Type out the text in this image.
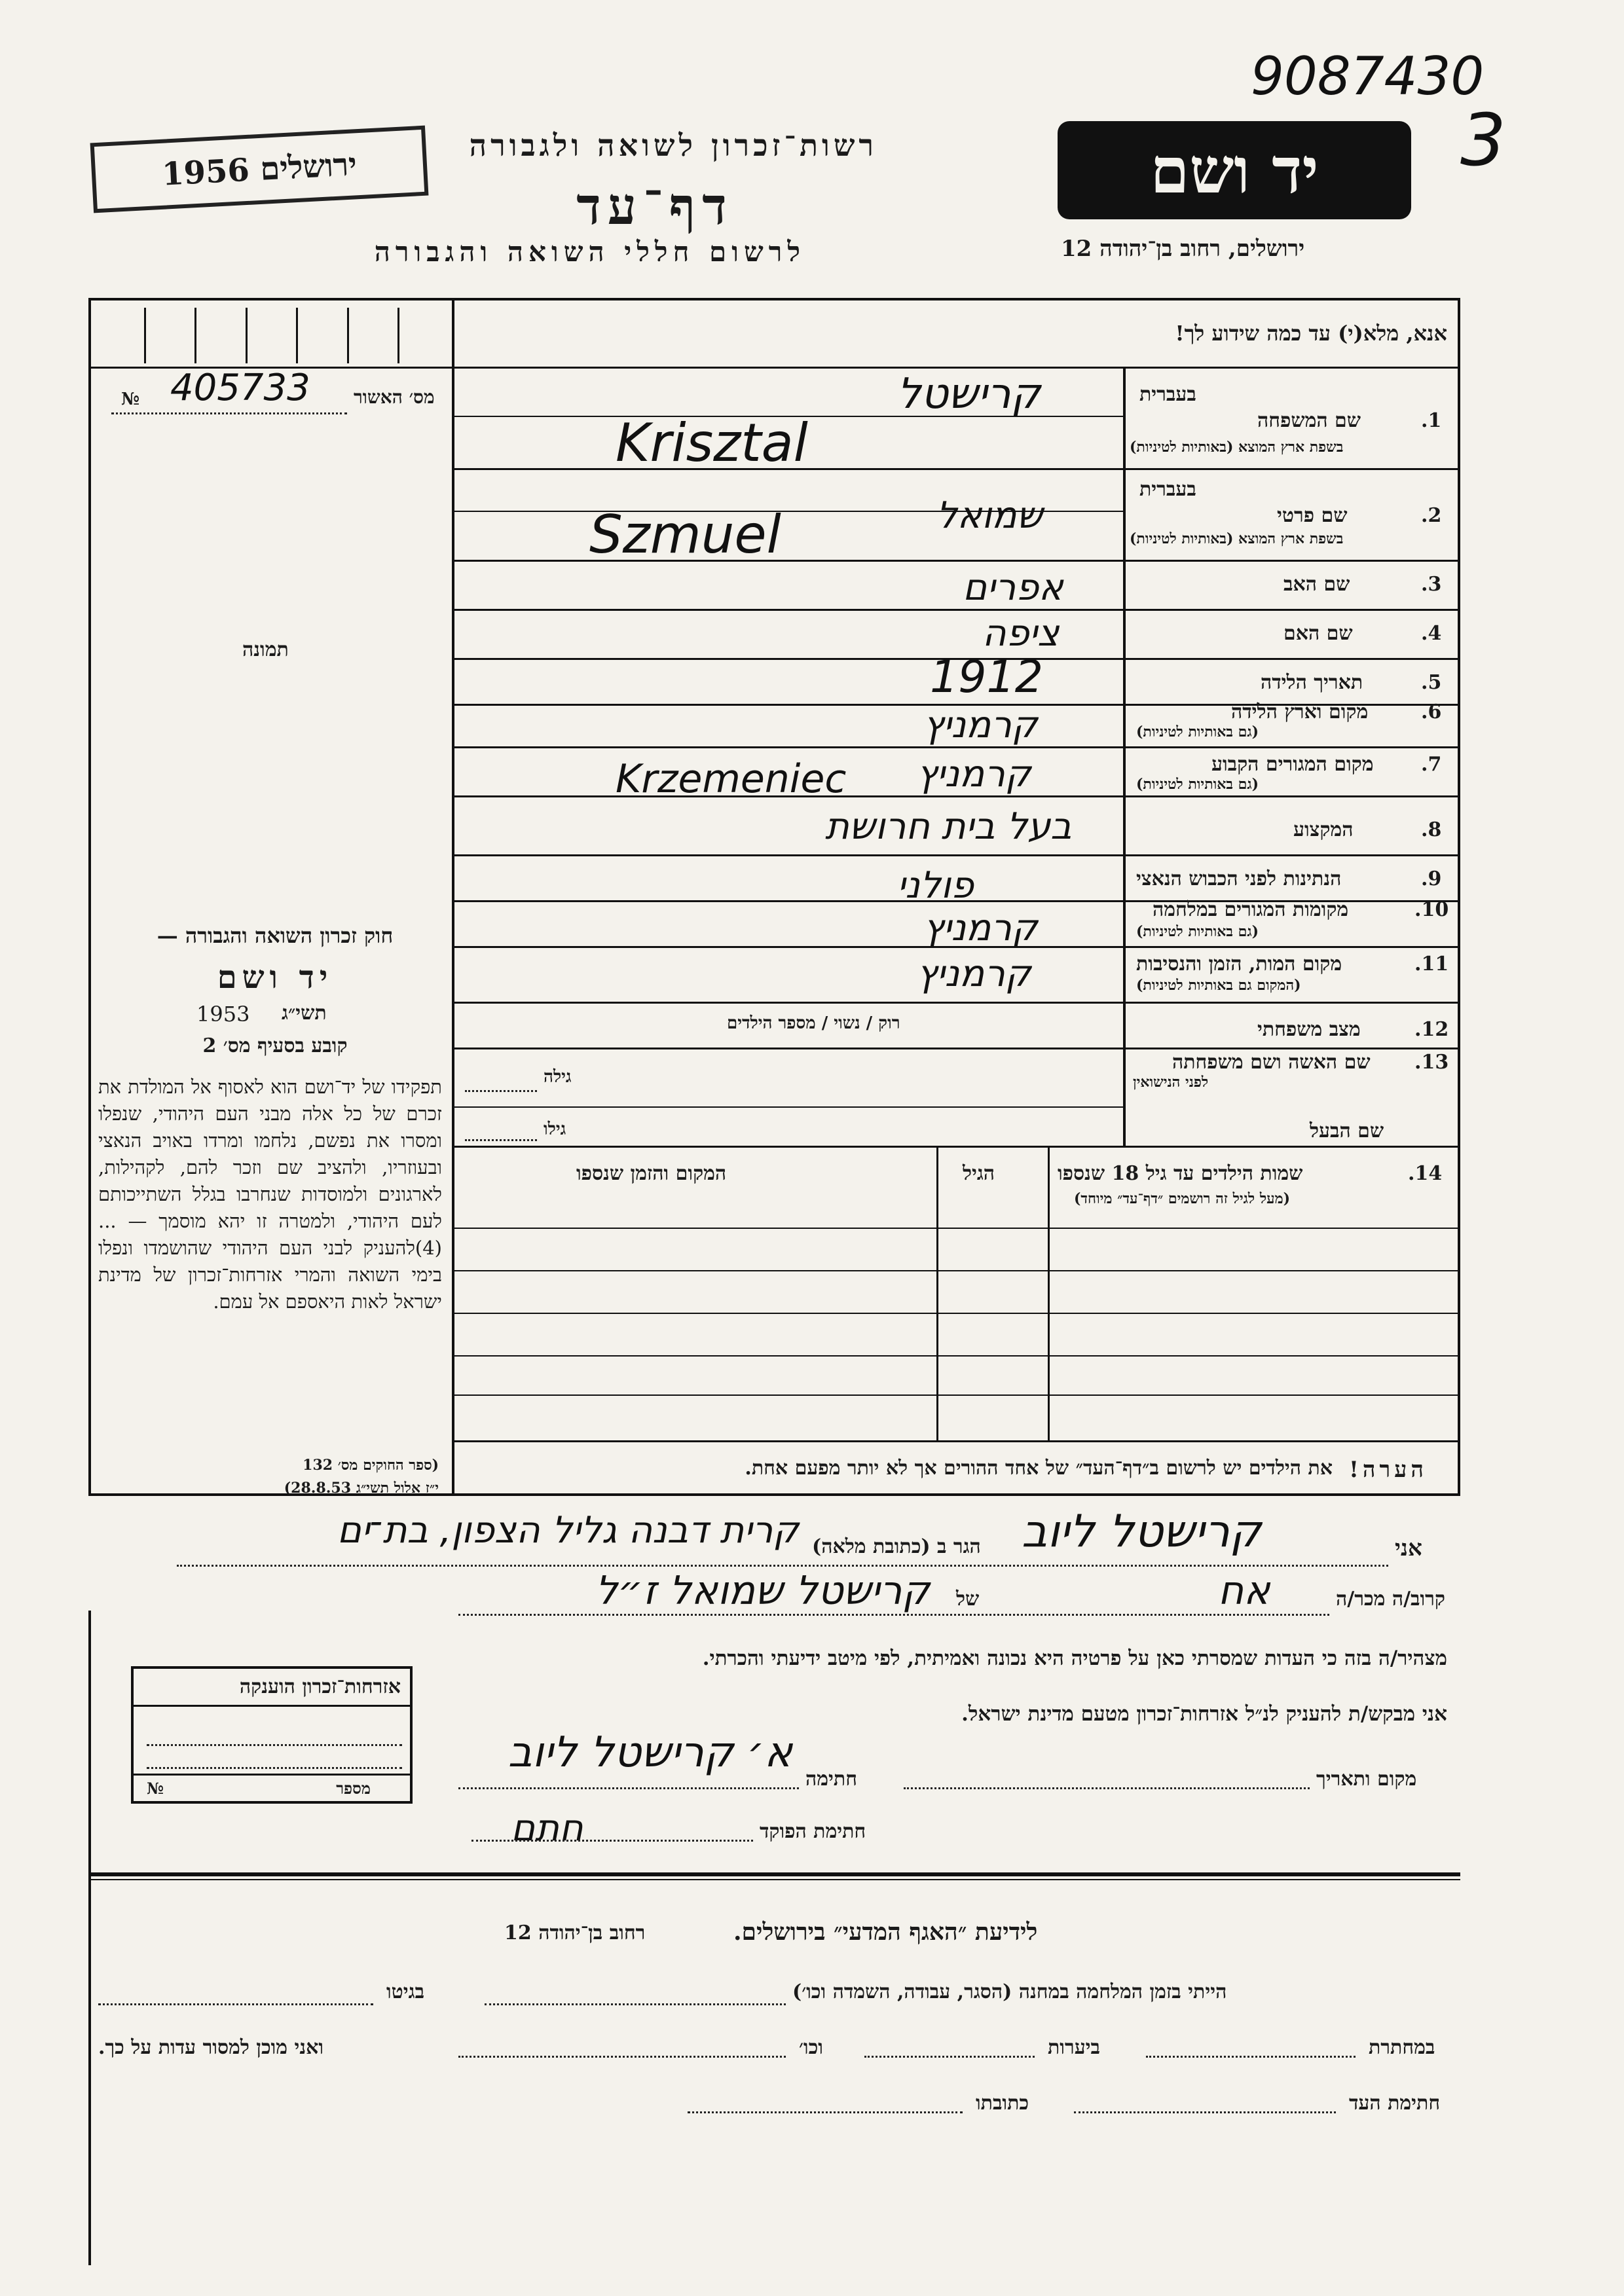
9087430
3
יד ושם
ירושלים, רחוב בן־יהודה 12
רשות־זכרון לשואה ולגבורה
ירושלים 1956
דף־עד
לרשום חללי השואה והגבורה
אנא, מלא(י) עד כמה שידוע לך!
מס׳ האשור
405733
№
תמונה
בעברית
1.
שם המשפחה
בשפת ארץ המוצא (באותיות לטיניות)
קרישטל
Krisztal
בעברית
2.
שם פרטי
בשפת ארץ המוצא (באותיות לטיניות)
שמואל
Szmuel
3.
שם האב
אפרים
4.
שם האם
ציפה
5.
תאריך הלידה
1912
6.
מקום וארץ הלידה
(גם באותיות לטיניות)
קרמניץ
7.
מקום המגורים הקבוע
(גם באותיות לטיניות)
קרמניץ
Krzemeniec
8.
המקצוע
בעל בית חרושת
9.
הנתינות לפני הכבוש הנאצי
פולני
10.
מקומות המגורים במלחמה
(גם באותיות לטיניות)
קרמניץ
11.
מקום המות, הזמן והנסיבות
(המקום גם באותיות לטיניות)
קרמניץ
12.
מצב משפחתי
רוק / נשוי / מספר הילדים
13.
שם האשה ושם משפחתה
לפני הנישואין
גילה
שם הבעל
גילו
14.
שמות הילדים עד גיל 18 שנספו
(מעל לגיל זה רושמים ״דף־עד״ מיוחד)
הגיל
המקום והזמן שנספו
הערה!
את הילדים יש לרשום ב״דף־העד״ של אחד ההורים אך לא יותר מפעם אחת.
חוק זכרון השואה והגבורה —
יד ושם
תשי״ג
1953
קובע בסעיף מס׳ 2
תפקידו של יד־ושם הוא לאסוף אל המולדת את זכרם של כל אלה מבני העם היהודי, שנפלו ומסרו את נפשם, נלחמו ומרדו באויב הנאצי ובעוזריו, ולהציב שם וזכר להם, לקהילות, לארגונים ולמוסדות שנחרבו בגלל השתייכותם לעם היהודי, ולמטרה זו יהא מוסמך — ...(4)להעניק לבני העם היהודי שהושמדו ונפלו בימי השואה והמרי אזרחות־זכרון של מדינת ישראל לאות היאספם אל עמם.
(ספר החוקים מס׳ 132
י״ז אלול תשי״ג 28.8.53)
אני
קרישטל ליוב
הגר ב (כתובת מלאה)
קרית דבנה גליל הצפון, בת־ים
קרוב/ה מכר/ה
אח
של
קרישטל שמואל ז״ל
מצהיר/ה בזה כי העדות שמסרתי כאן על פרטיה היא נכונה ואמיתית, לפי מיטב ידיעתי והכרתי.
אני מבקש/ת להעניק לנ״ל אזרחות־זכרון מטעם מדינת ישראל.
מקום ותאריך
חתימה
א׳ קרישטל ליוב
חתימת הפוקד
חתם
אזרחות־זכרון הוענקה
מספר
№
לידיעת ״האגף המדעי״ בירושלים.
רחוב בן־יהודה 12
הייתי בזמן המלחמה במחנה (הסגר, עבודה, השמדה וכו׳)
בגיטו
במחתרת
ביערות
וכו׳
ואני מוכן למסור עדות על כך.
חתימת העד
כתובתו
